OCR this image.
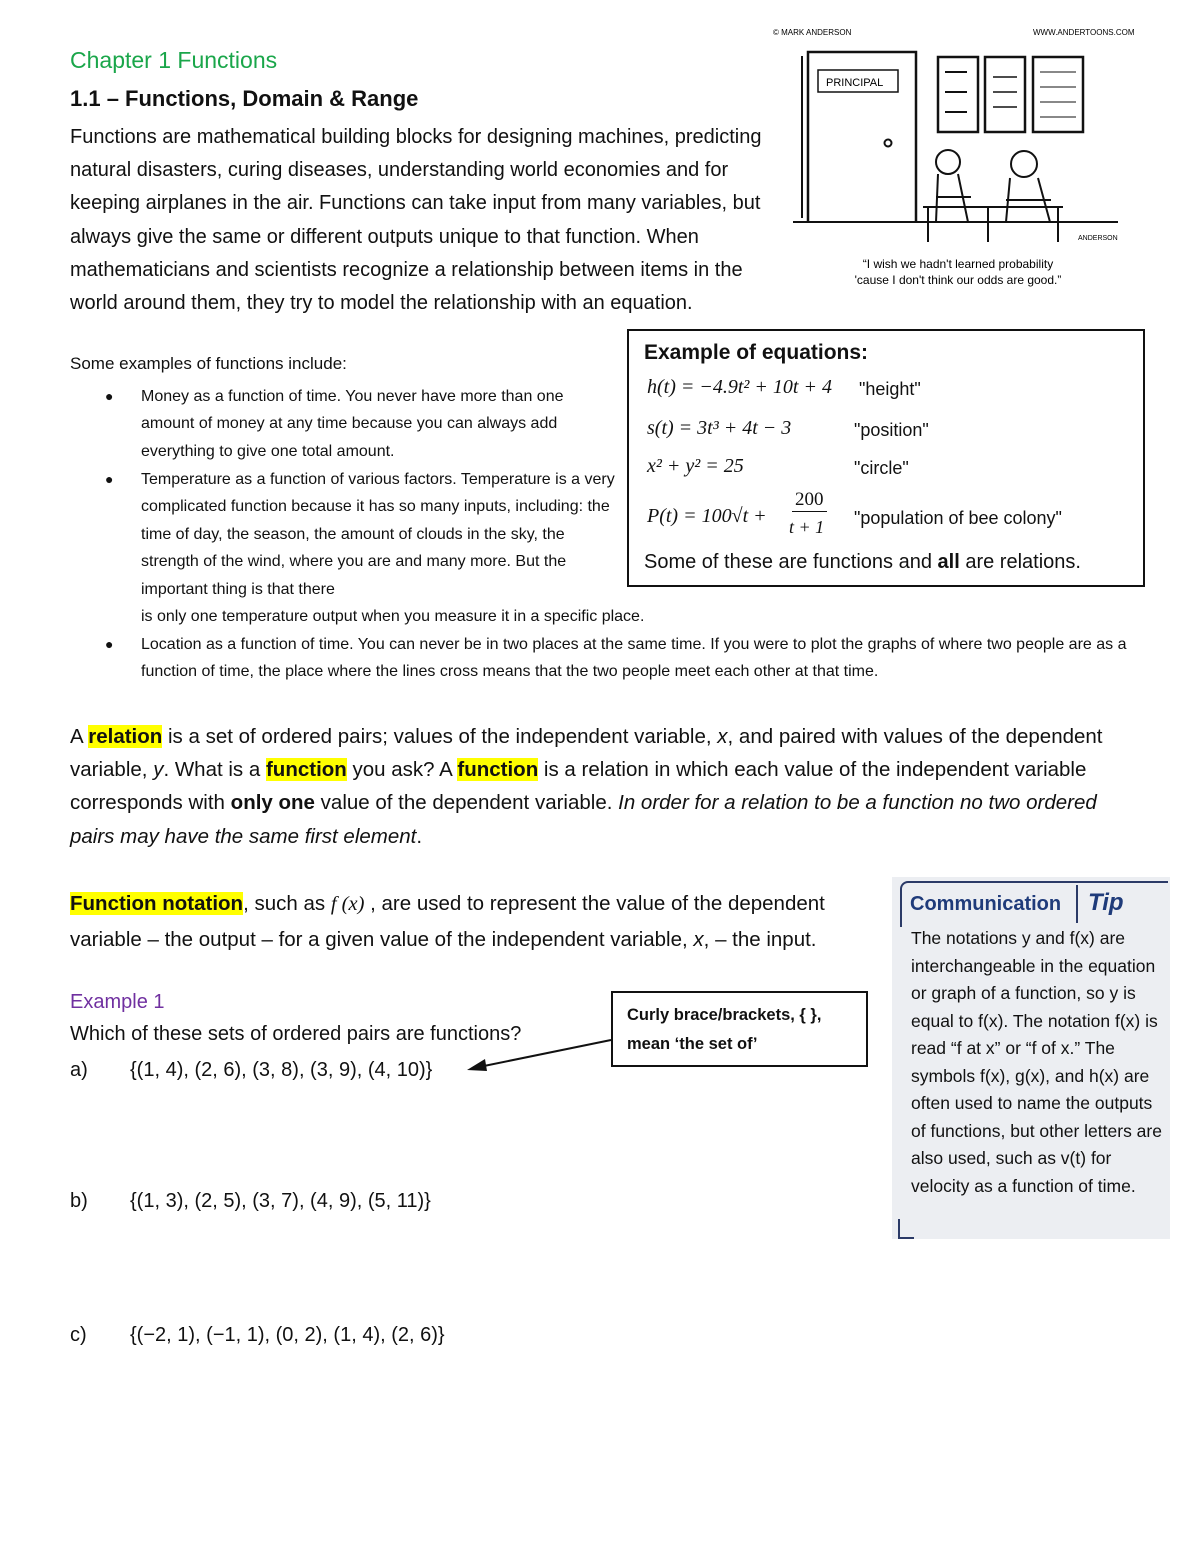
Chapter 1 Functions
1.1 – Functions, Domain & Range
Functions are mathematical building blocks for designing machines, predicting natural disasters, curing diseases, understanding world economies and for keeping airplanes in the air. Functions can take input from many variables, but always give the same or different outputs unique to that function. When mathematicians and scientists recognize a relationship between items in the world around them, they try to model the relationship with an equation.
© MARK ANDERSON	WWW.ANDERTOONS.COM
PRINCIPAL
ANDERSON
“I wish we hadn't learned probability
'cause I don't think our odds are good.”
Some examples of functions include:
● Money as a function of time. You never have more than one amount of money at any time because you can always add everything to give one total amount.
● Temperature as a function of various factors. Temperature is a very complicated function because it has so many inputs, including: the time of day, the season, the amount of clouds in the sky, the strength of the wind, where you are and many more. But the important thing is that there
is only one temperature output when you measure it in a specific place.
● Location as a function of time. You can never be in two places at the same time. If you were to plot the graphs of where two people are as a function of time, the place where the lines cross means that the two people meet each other at that time.
Example of equations:
h(t) = −4.9t² + 10t + 4 "height"
s(t) = 3t³ + 4t − 3	"position"
x² + y² = 25	"circle"
P(t) = 100√t +
200
t + 1 "population of bee colony"
Some of these are functions and all are relations.
A relation is a set of ordered pairs; values of the independent variable, x, and paired with values of the dependent variable, y. What is a function you ask? A function is a relation in which each value of the independent variable corresponds with only one value of the dependent variable. In order for a relation to be a function no two ordered pairs may have the same first element.
Function notation, such as f (x) , are used to represent the value of the dependent variable – the output – for a given value of the independent variable, x, – the input.
Communication Tip
The notations y and f(x) are interchangeable in the equation or graph of a function, so y is equal to f(x). The notation f(x) is read “f at x” or “f of x.” The symbols f(x), g(x), and h(x) are often used to name the outputs of functions, but other letters are also used, such as v(t) for velocity as a function of time.
Example 1
Which of these sets of ordered pairs are functions?
a) {(1, 4), (2, 6), (3, 8), (3, 9), (4, 10)}
b) {(1, 3), (2, 5), (3, 7), (4, 9), (5, 11)}
c) {(−2, 1), (−1, 1), (0, 2), (1, 4), (2, 6)}
Curly brace/brackets, { },
mean ‘the set of’
